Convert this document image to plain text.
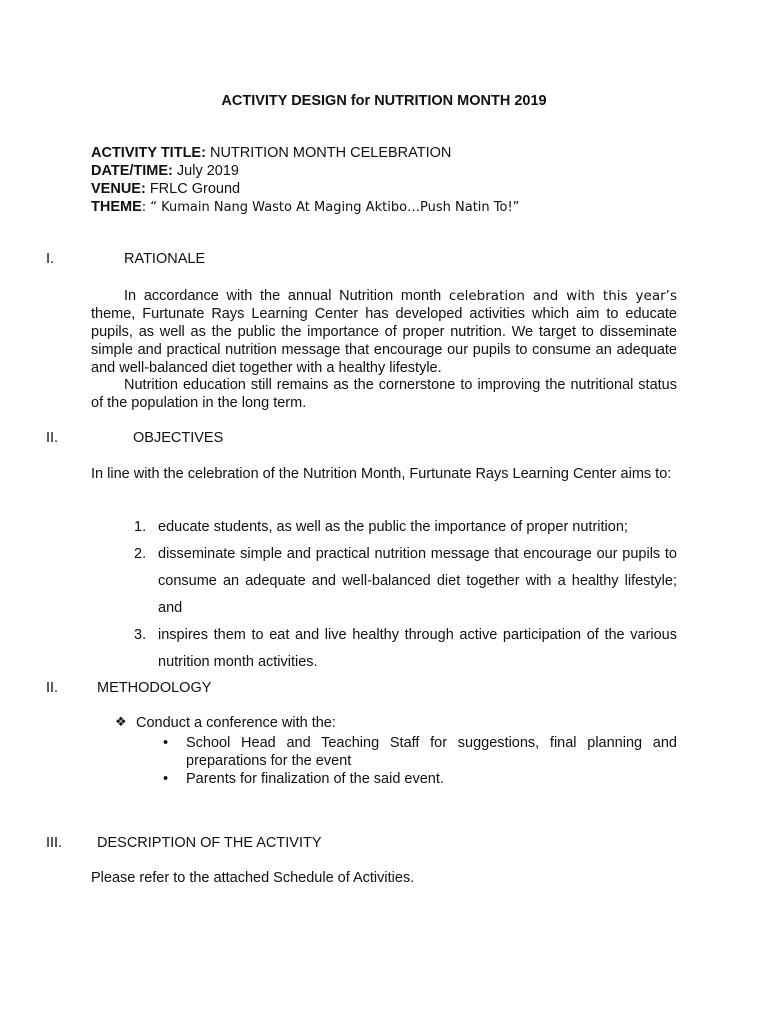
ACTIVITY DESIGN for NUTRITION MONTH 2019
ACTIVITY TITLE: NUTRITION MONTH CELEBRATION
DATE/TIME: July 2019
VENUE: FRLC Ground
THEME: “ Kumain Nang Wasto At Maging Aktibo…Push Natin To!”
I.	RATIONALE
In accordance with the annual Nutrition month celebration and with this year’s theme, Furtunate Rays Learning Center has developed activities which aim to educate pupils, as well as the public the importance of proper nutrition. We target to disseminate simple and practical nutrition message that encourage our pupils to consume an adequate and well-balanced diet together with a healthy lifestyle.
Nutrition education still remains as the cornerstone to improving the nutritional status of the population in the long term.
II.	OBJECTIVES
In line with the celebration of the Nutrition Month, Furtunate Rays Learning Center aims to:
1. educate students, as well as the public the importance of proper nutrition;
2. disseminate simple and practical nutrition message that encourage our pupils to consume an adequate and well-balanced diet together with a healthy lifestyle; and
3. inspires them to eat and live healthy through active participation of the various nutrition month activities.
II.	METHODOLOGY
❖ Conduct a conference with the:
•	School Head and Teaching Staff for suggestions, final planning and preparations for the event
•	Parents for finalization of the said event.
III. DESCRIPTION OF THE ACTIVITY
Please refer to the attached Schedule of Activities.
